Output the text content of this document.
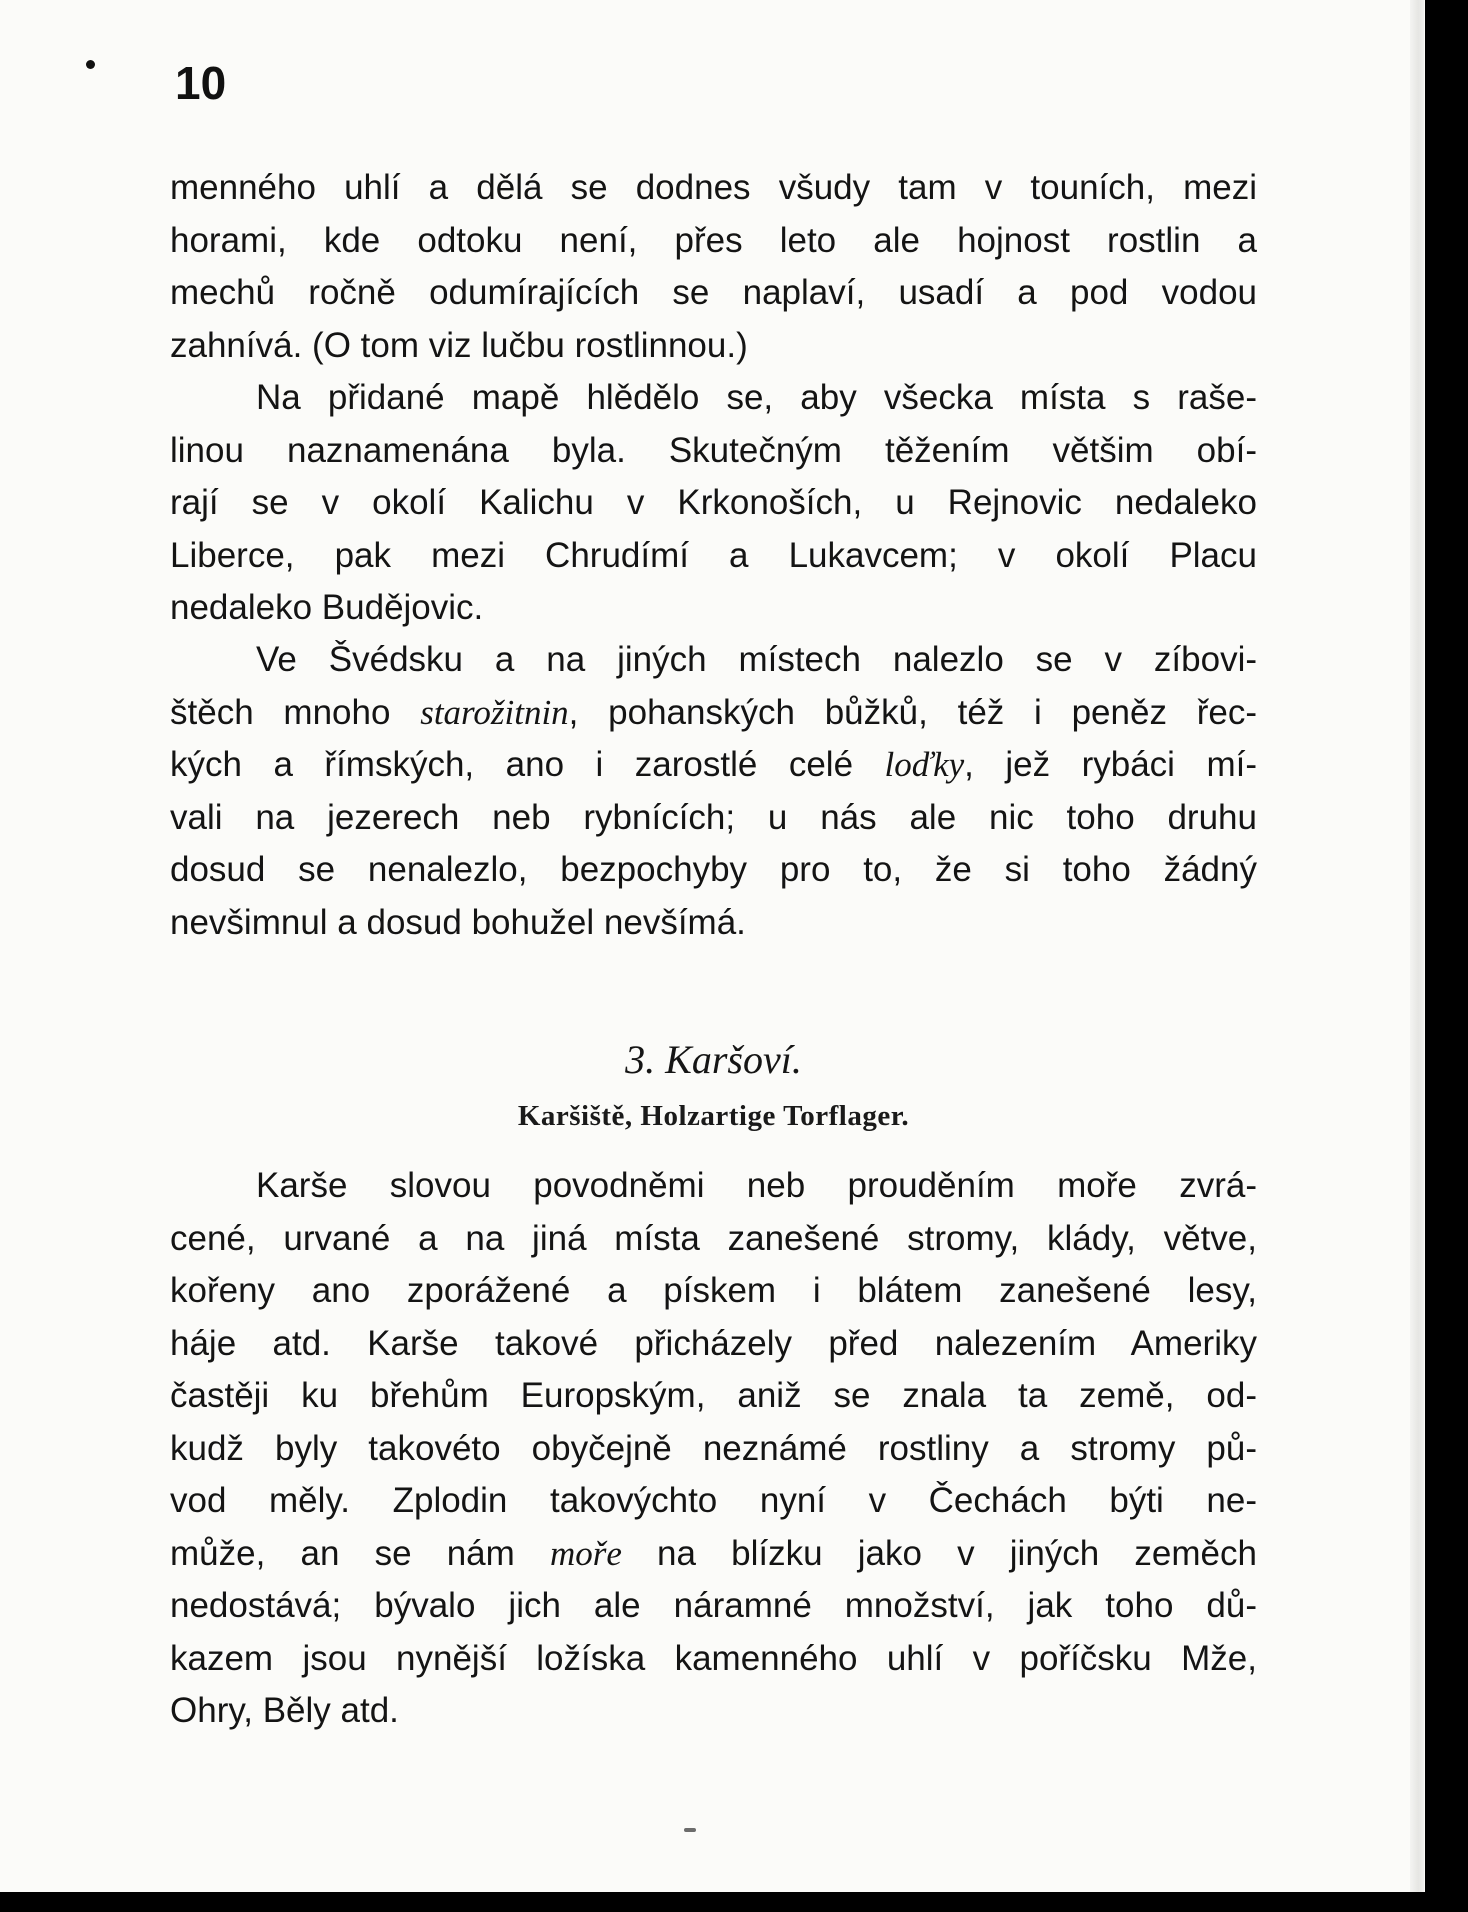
10
menného uhlí a dělá se dodnes všudy tam v touních, mezi
horami, kde odtoku není, přes leto ale hojnost rostlin a
mechů ročně odumírajících se naplaví, usadí a pod vodou
zahnívá. (O tom viz lučbu rostlinnou.)
Na přidané mapě hlědělo se, aby všecka místa s raše-
linou naznamenána byla. Skutečným těžením většim obí-
rají se v okolí Kalichu v Krkonoších, u Rejnovic nedaleko
Liberce, pak mezi Chrudímí a Lukavcem; v okolí Placu
nedaleko Budějovic.
Ve Švédsku a na jiných místech nalezlo se v zíbovi-
štěch mnoho starožitnin, pohanských bůžků, též i peněz řec-
kých a římských, ano i zarostlé celé loďky, jež rybáci mí-
vali na jezerech neb rybnících; u nás ale nic toho druhu
dosud se nenalezlo, bezpochyby pro to, že si toho žádný
nevšimnul a dosud bohužel nevšímá.
3. Karšoví.
Karšiště, Holzartige Torflager.
Karše slovou povodněmi neb prouděním moře zvrá-
cené, urvané a na jiná místa zanešené stromy, klády, větve,
kořeny ano zporážené a pískem i blátem zanešené lesy,
háje atd. Karše takové přicházely před nalezením Ameriky
častěji ku břehům Europským, aniž se znala ta země, od-
kudž byly takovéto obyčejně neznámé rostliny a stromy pů-
vod měly. Zplodin takovýchto nyní v Čechách býti ne-
může, an se nám moře na blízku jako v jiných zeměch
nedostává; bývalo jich ale náramné množství, jak toho dů-
kazem jsou nynější ložíska kamenného uhlí v poříčsku Mže,
Ohry, Běly atd.
